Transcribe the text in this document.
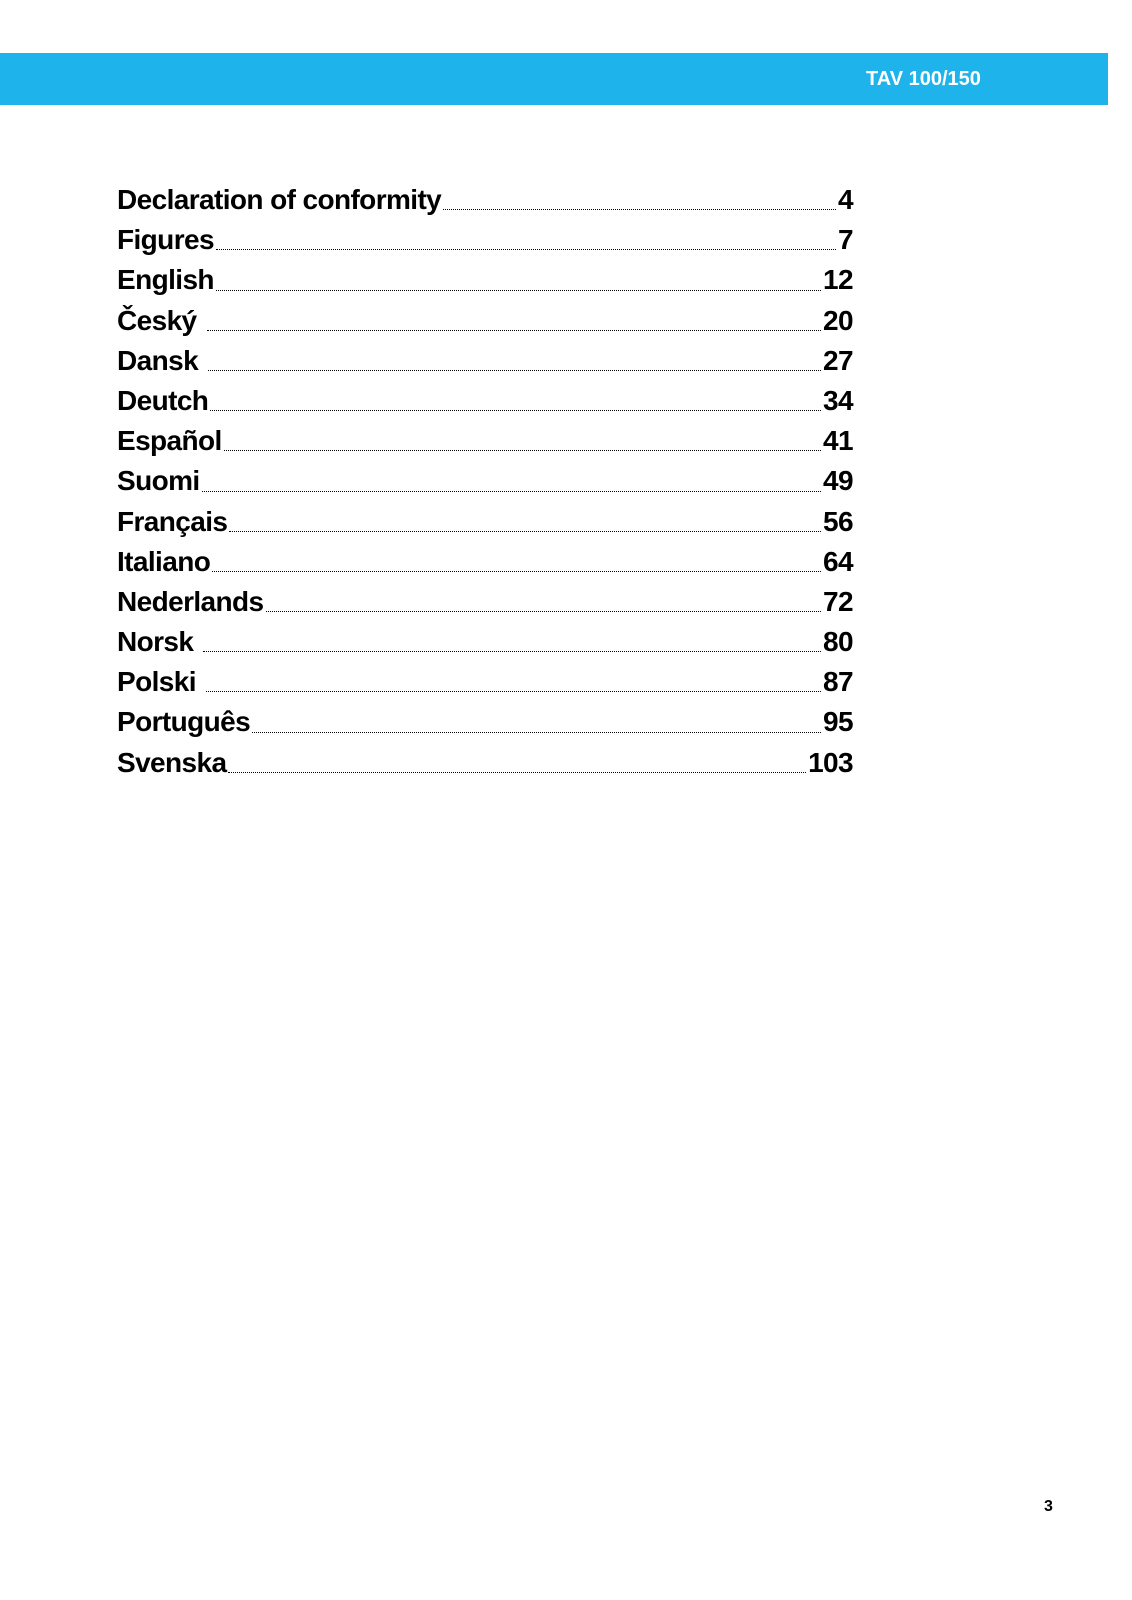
TAV 100/150
Declaration of conformity	4
Figures	7
English	12
Český	20
Dansk	27
Deutch	34
Español	41
Suomi	49
Français	56
Italiano	64
Nederlands	72
Norsk	80
Polski	87
Português	95
Svenska	103
3
